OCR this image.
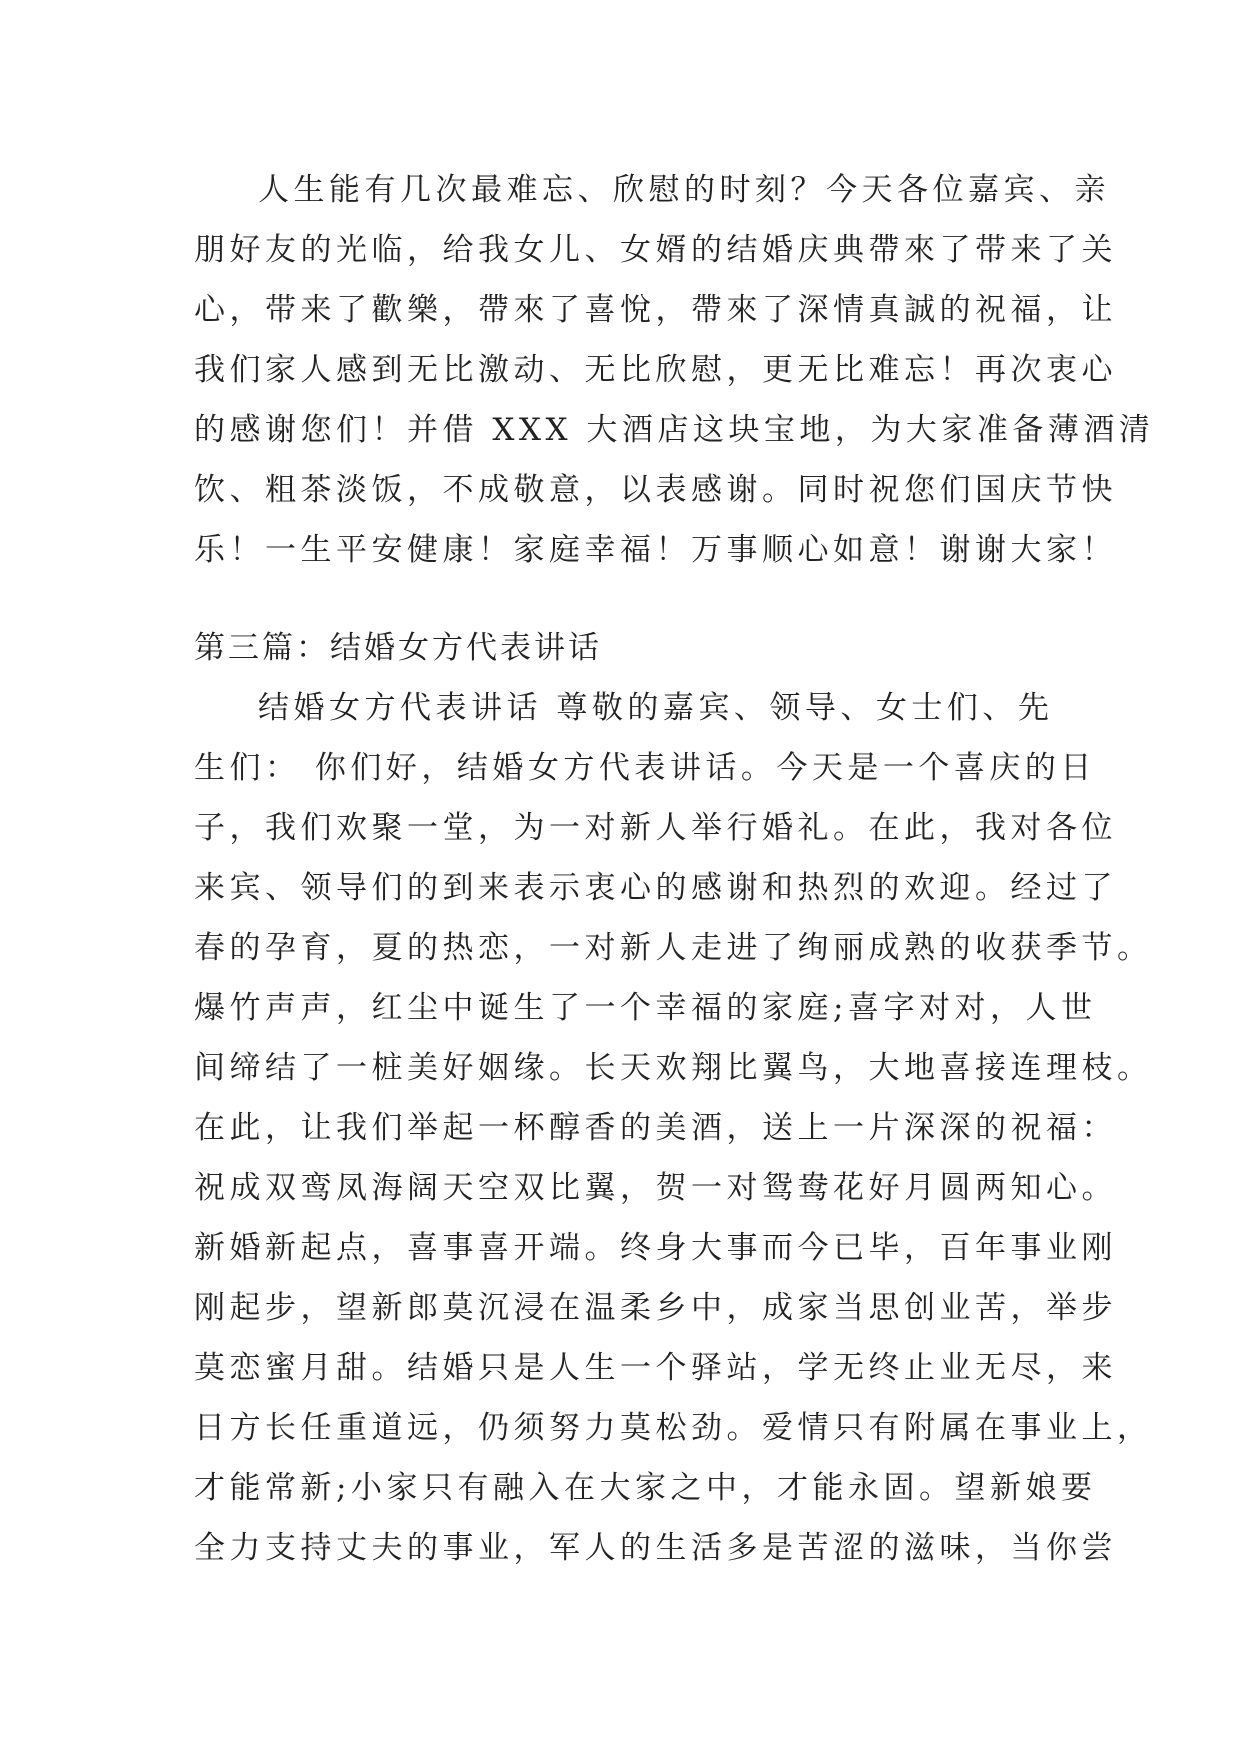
人生能有几次最难忘、欣慰的时刻？今天各位嘉宾、亲
朋好友的光临，给我女儿、女婿的结婚庆典帶來了带来了关
心，带来了歡樂，帶來了喜悅，帶來了深情真誠的祝福，让
我们家人感到无比激动、无比欣慰，更无比难忘！再次衷心
的感谢您们！并借 XXX 大酒店这块宝地，为大家准备薄酒清
饮、粗茶淡饭，不成敬意，以表感谢。同时祝您们国庆节快
乐！一生平安健康！家庭幸福！万事顺心如意！谢谢大家！
第三篇：结婚女方代表讲话
结婚女方代表讲话 尊敬的嘉宾、领导、女士们、先
生们： 你们好，结婚女方代表讲话。今天是一个喜庆的日
子，我们欢聚一堂，为一对新人举行婚礼。在此，我对各位
来宾、领导们的到来表示衷心的感谢和热烈的欢迎。经过了
春的孕育，夏的热恋，一对新人走进了绚丽成熟的收获季节。
爆竹声声，红尘中诞生了一个幸福的家庭;喜字对对，人世
间缔结了一桩美好姻缘。长天欢翔比翼鸟，大地喜接连理枝。
在此，让我们举起一杯醇香的美酒，送上一片深深的祝福：
祝成双鸾凤海阔天空双比翼，贺一对鸳鸯花好月圆两知心。
新婚新起点，喜事喜开端。终身大事而今已毕，百年事业刚
刚起步，望新郎莫沉浸在温柔乡中，成家当思创业苦，举步
莫恋蜜月甜。结婚只是人生一个驿站，学无终止业无尽，来
日方长任重道远，仍须努力莫松劲。爱情只有附属在事业上，
才能常新;小家只有融入在大家之中，才能永固。望新娘要
全力支持丈夫的事业，军人的生活多是苦涩的滋味，当你尝
